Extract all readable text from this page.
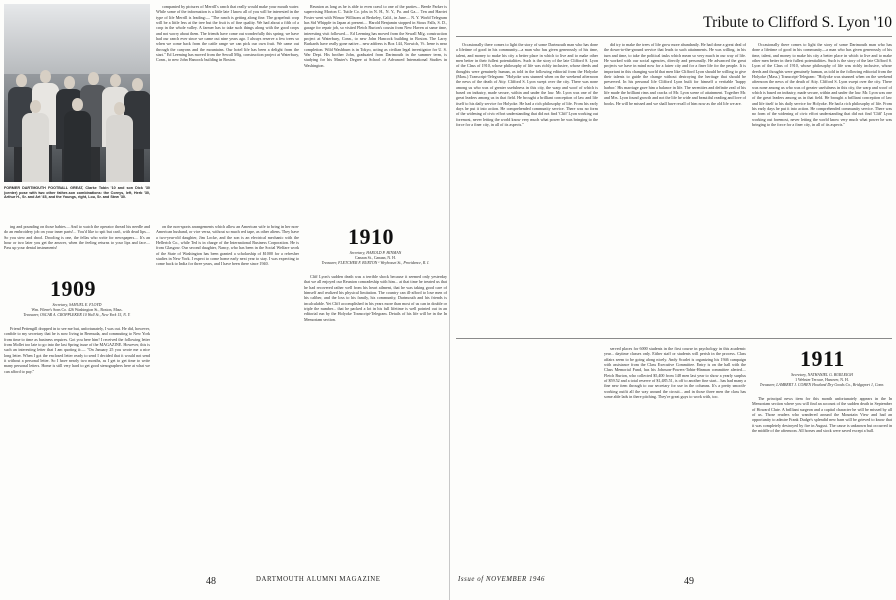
FORMER DARTMOUTH FOOTBALL GREAT, Clarke Tobin '10 and son Dick '30 (center) pose with two other father-son combinations: the Coreys, left, Herb '30, Arthur H., Sr. and Art '45, and the Youngs, right, Lou, Sr. and Stew '30.

companied by pictures of Merrill's ranch that really would make your mouth water. While some of the information is a little late I know all of you will be interested in the type of life Merrill is leading:— "The ranch is getting along fine. The grapefruit crop will be a little less at the tree but the fruit is of fine quality. We had about a fifth of a crop in the whole valley. A farmer has to take such things along with the good crops and not worry about them. The friends have come out wonderfully this spring; we have had our ranch ever since we came out nine years ago. I always reserve a few trees so when we come back from the cattle range we can pick our own fruit. We came out through the canyons and the mountains. Our hotel life has been a delight from the start." Ed Leeming has moved from the Sewall Mfg. construction project at Waterbury, Conn., to new John Hancock building in Boston.

Reunion as long as he is able to even crawl to one of the parties... Beede Parker is supervising Morton C. Tuttle Co. jobs in N. H., N. Y., Pa. and Ga.... Ten and Harriet Foster went with Winsor Willisons at Berkeley, Calif., in June.... N. Y. World Telegram has Sid Whipple in Japan at present.... Harold Benjamin stopped in Sioux Falls, S. D., garage for repair job, so visited Fletch Burton's cousin from New Haven at same time, interesting visit followed.... Ed Leeming has moved from the Sewall Mfg. construction project at Waterbury, Conn., to new John Hancock building in Boston. The Larry Burkards have really gone native... new address is Box 144, Norwich, Vt. Irene is near completion. Wild Washburn is in Tokyo, acting as civilian legal investigator for U. S. War Dept. His brother John, graduated from Dartmouth in the summer term, is studying for his Master's Degree at School of Advanced International Studies in Washington.

ing and pounding on those babies.... And to watch the operator thread his needle and do an embroidery job on your inner parts!... You'd like to spit but can't, with dead lips.... So you stew and drool. Drooling is one, the fellas who write for newspapers.... It's an hour or two later you get the answer, when the feeling returns to your lips and face.... Pass up your dental instruments!

1909
Secretary, SAMUEL E. FLOYD
Wm. Filene's Sons Co. 426 Washington St., Boston, Mass.
Treasurer, OSCAR A. CROPPLEKER 10 Wall St., New York 15, N. Y.

Friend Pettengill dropped in to see me but, unfortunately, I was out. He did, however, confide to my secretary that he is now living in Bermuda, and commuting to New York from time to time as business requires. Got you here him! I received the following letter from Mollet too late to go into the last Spring issue of the MAGAZINE. However, this is such an interesting letter that I am quoting it:— "On January 25 you wrote me a nice long letter. When I got the enclosed letter ready to send I decided that it would not send it without a personal letter. So I have nearly two months, as I get to get time to write many personal letters. Home is still very hard to get good stenographers here at what we can afford to pay."

on the non-sports arrangements which allow an American wife to bring in her non-American husband, or vice versa, without so much red tape, as other aliens. They have a two-year-old daughter, Jim Locke, and the son is an electrical mechanic with the Hellerich Co., while Ted is in charge of the International Business Corporation. He is from Glasgow. Our second daughter, Nancy, who has been in the Social Welfare work of the State of Washington has been granted a scholarship of $1000 for a refresher studies in New York. I expect to come home early next year to stay. I was expecting to come back to India for three years, and I have been there since 1940.

1910
Secretary, HAROLD P. HINMAN
Canaan St., Canaan, N. H.
Treasurer, FLETCHER F. BURTON ¹ Weybosset St., Providence, R. I.

Cliff Lyon's sudden death was a terrible shock because it seemed only yesterday that we all enjoyed our Reunion comradeship with him... at that time he treated us that he had recovered rather well from his heart ailment, that he was taking good care of himself and realized his physical limitation. The country can ill-afford to lose men of his caliber, and the loss to his family, his community, Dartmouth and his friends is incalculable. Yet Cliff accomplished in his years more than most of us can in double or triple the number... that he packed a lot in his full lifetime is well pointed out in an editorial run by the Holyoke Transcript-Telegram. Details of his life will be in the In Memoriam section.

48	DARTMOUTH ALUMNI MAGAZINE
Tribute to Clifford S. Lyon '10

Occasionally there comes to light the story of some Dartmouth man who has done a lifetime of good in his community—a man who has given generously of his time, talent, and money to make his city a better place in which to live and to make other men better in their fullest potentialities. Such is the story of the late Clifford S. Lyon of the Class of 1910, whose philosophy of life was richly inclusive, whose deeds and thoughts were genuinely human, as told in the following editorial from the Holyoke (Mass.) Transcript-Telegram: "Holyoke was stunned when on the weekend afternoon the news of the death of Atty. Clifford S. Lyon swept over the city. There was none among us who was of greater usefulness in this city, the warp and woof of which is based on industry, made secure, within and under the law. Mr. Lyon was one of the great leaders among us in that field. He brought a brilliant conception of law and life itself to his daily service for Holyoke. He had a rich philosophy of life. From his early days he put it into action. He comprehended community service. There was no form of the widening of civic effort understanding that did not find 'Cliff' Lyon working out foremost, never letting the world know very much what power he was bringing to the force for a finer city, in all of its aspects."

did try to make the trees of life grow more abundantly. He had done a great deal of the down-to-the-ground service that leads to such attainments. He was willing, in his turn and time, to take the political tasks which mean so very much in our way of life. He worked with our social agencies, directly and personally. He advanced the great projects we have in mind now for a fairer city and for a finer life for the people. It is important in this changing world that men like Clifford Lyon should be willing to give their talents to guide the change without destroying the heritage that should be preserved. In his personal life Clifford Lyon built for himself a veritable 'happy harbor.' His marriage gave him a balance in life. The serenities and definite zeal of his life made the brilliant rims and cracks of Mr. Lyon scene of attainment. Together Mr. and Mrs. Lyon found growth and not the life he wide and beautiful reading and love of books. He will be missed and we shall have recall of him now as the old life we are.

Occasionally there comes to light the story of some Dartmouth man who has done a lifetime of good in his community—a man who has given generously of his time, talent, and money to make his city a better place in which to live and to make other men better in their fullest potentialities. Such is the story of the late Clifford S. Lyon of the Class of 1910, whose philosophy of life was richly inclusive, whose deeds and thoughts were genuinely human, as told in the following editorial from the Holyoke (Mass.) Transcript-Telegram: "Holyoke was stunned when on the weekend afternoon the news of the death of Atty. Clifford S. Lyon swept over the city. There was none among us who was of greater usefulness in this city, the warp and woof of which is based on industry, made secure, within and under the law. Mr. Lyon was one of the great leaders among us in that field. He brought a brilliant conception of law and life itself to his daily service for Holyoke. He had a rich philosophy of life. From his early days he put it into action. He comprehended community service. There was no form of the widening of civic effort understanding that did not find 'Cliff' Lyon working out foremost, never letting the world know very much what power he was bringing to the force for a finer city, in all of its aspects."

served places for 6000 students in the first course in psychology in this academic year... daytime classes only. Either staff or students will perish in the process. Class affairs seem to be going along nicely. Andy Scarlet is organizing his 1946 campaign with assistance from the Class Executive Committee. Entry is on the hall with the Class Memorial Fund, has his Johnson-Powers-Tobin-Hinman committee alerted.... Fletch Burton, who collected $5,400 from 148 men last year to show a yearly surplus of $59.52 and a total reserve of $1,485.51, is off to another fine start... has had many a fine new item through to our secretary for use in the columns. It's a pretty smooth-working outfit all the way around the circuit... and in those three men the class has some able lads in there pitching. They're great guys to work with, too.

1911
Secretary, NATHANIEL G. BURLEIGH
1 Webster Terrace, Hanover, N. H.
Treasurer, LAMBERT J. COHEN Howland Dry Goods Co., Bridgeport 1, Conn.

The principal news item for this month unfortunately appears in the In Memoriam section where you will find an account of the sudden death in September of Howard Clute. A brilliant surgeon and a capital character he will be missed by all of us. Those readers who wandered around the Mountain View and had an opportunity to admire Frank Dudge's splendid new barn will be grieved to know that it was completely destroyed by fire in August. The cause is unknown but occurred in the middle of the afternoon. All horses and stock were saved except a bull.

Issue of NOVEMBER 1946	49
